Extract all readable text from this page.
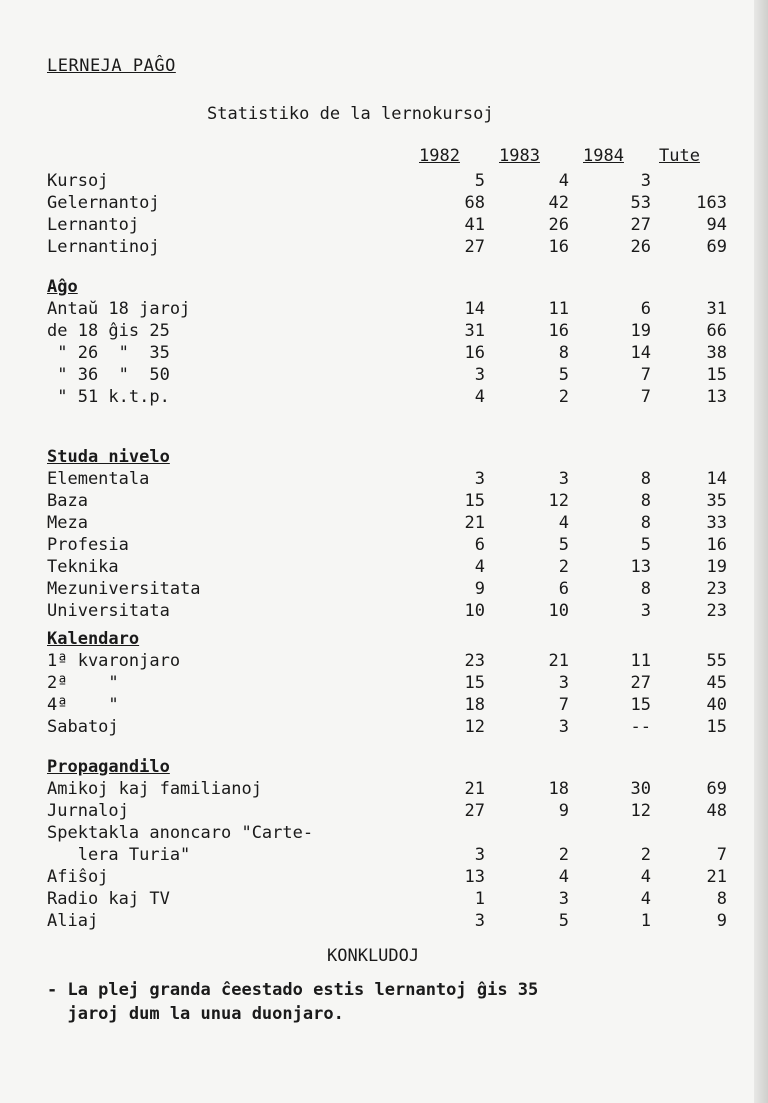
LERNEJA PAĜO
Statistiko de la lernokursoj
1982 1983	1984 Tute
Kursoj	5	4	3
Gelernantoj	68	42	53	163
Lernantoj	41	26	27	94
Lernantinoj	27	16	26	69
Aĝo
Antaŭ 18 jaroj	14	11	6	31
de 18 ĝis 25	31	16	19	66
" 26  "  35	16	8	14	38
" 36  "  50	3	5	7	15
" 51 k.t.p.	4	2	7	13
Studa nivelo
Elementala	3	3	8	14
Baza	15	12	8	35
Meza	21	4	8	33
Profesia	6	5	5	16
Teknika	4	2	13	19
Mezuniversitata	9	6	8	23
Universitata	10	10	3	23
Kalendaro
1ª kvaronjaro	23	21	11	55
2ª    "	15	3	27	45
4ª    "	18	7	15	40
Sabatoj	12	3	--	15
Propagandilo
Amikoj kaj familianoj	21	18	30	69
Jurnaloj	27	9	12	48
Spektakla anoncaro "Carte-
lera Turia"	3	2	2	7
Afiŝoj	13	4	4	21
Radio kaj TV	1	3	4	8
Aliaj	3	5	1	9
KONKLUDOJ
- La plej granda ĉeestado estis lernantoj ĝis 35
jaroj dum la unua duonjaro.
